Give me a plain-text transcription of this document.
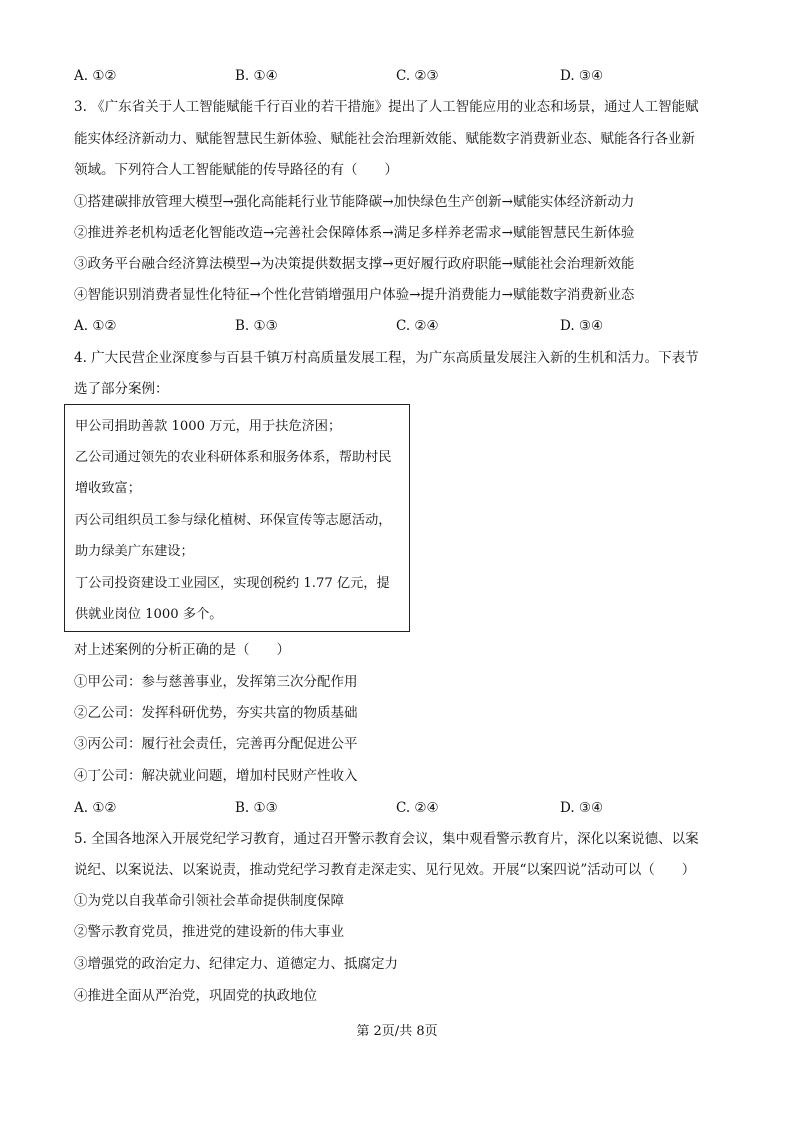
A. ①②	B. ①④	C. ②③	D. ③④
3. 《广东省关于人工智能赋能千行百业的若干措施》提出了人工智能应用的业态和场景，通过人工智能赋
能实体经济新动力、赋能智慧民生新体验、赋能社会治理新效能、赋能数字消费新业态、赋能各行各业新
领域。下列符合人工智能赋能的传导路径的有（　　）
①搭建碳排放管理大模型→强化高能耗行业节能降碳→加快绿色生产创新→赋能实体经济新动力
②推进养老机构适老化智能改造→完善社会保障体系→满足多样养老需求→赋能智慧民生新体验
③政务平台融合经济算法模型→为决策提供数据支撑→更好履行政府职能→赋能社会治理新效能
④智能识别消费者显性化特征→个性化营销增强用户体验→提升消费能力→赋能数字消费新业态
A. ①②	B. ①③	C. ②④	D. ③④
4. 广大民营企业深度参与百县千镇万村高质量发展工程，为广东高质量发展注入新的生机和活力。下表节
选了部分案例：
甲公司捐助善款 1000 万元，用于扶危济困；
乙公司通过领先的农业科研体系和服务体系，帮助村民
增收致富；
丙公司组织员工参与绿化植树、环保宣传等志愿活动，
助力绿美广东建设；
丁公司投资建设工业园区，实现创税约 1.77 亿元，提
供就业岗位 1000 多个。
对上述案例的分析正确的是（　　）
①甲公司：参与慈善事业，发挥第三次分配作用
②乙公司：发挥科研优势，夯实共富的物质基础
③丙公司：履行社会责任，完善再分配促进公平
④丁公司：解决就业问题，增加村民财产性收入
A. ①②	B. ①③	C. ②④	D. ③④
5. 全国各地深入开展党纪学习教育，通过召开警示教育会议，集中观看警示教育片，深化以案说德、以案
说纪、以案说法、以案说责，推动党纪学习教育走深走实、见行见效。开展“以案四说”活动可以（　　）
①为党以自我革命引领社会革命提供制度保障
②警示教育党员，推进党的建设新的伟大事业
③增强党的政治定力、纪律定力、道德定力、抵腐定力
④推进全面从严治党，巩固党的执政地位
第 2页/共 8页
